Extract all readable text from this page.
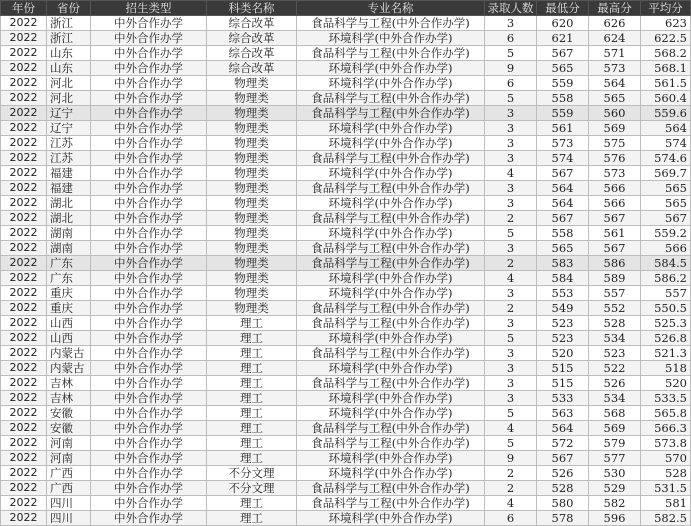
年份	省份	招生类型	科类名称	专业名称	录取人数	最低分	最高分	平均分
2022	浙江	中外合作办学	综合改革	食品科学与工程(中外合作办学)	3	620	626	623
2022	浙江	中外合作办学	综合改革	环境科学(中外合作办学)	6	621	624	622.5
2022	山东	中外合作办学	综合改革	食品科学与工程(中外合作办学)	5	567	571	568.2
2022	山东	中外合作办学	综合改革	环境科学(中外合作办学)	9	565	573	568.1
2022	河北	中外合作办学	物理类	环境科学(中外合作办学)	6	559	564	561.5
2022	河北	中外合作办学	物理类	食品科学与工程(中外合作办学)	5	558	565	560.4
2022	辽宁	中外合作办学	物理类	食品科学与工程(中外合作办学)	3	559	560	559.6
2022	辽宁	中外合作办学	物理类	环境科学(中外合作办学)	3	561	569	564
2022	江苏	中外合作办学	物理类	环境科学(中外合作办学)	3	573	575	574
2022	江苏	中外合作办学	物理类	食品科学与工程(中外合作办学)	3	574	576	574.6
2022	福建	中外合作办学	物理类	环境科学(中外合作办学)	4	567	573	569.7
2022	福建	中外合作办学	物理类	食品科学与工程(中外合作办学)	3	564	566	565
2022	湖北	中外合作办学	物理类	环境科学(中外合作办学)	3	564	566	565
2022	湖北	中外合作办学	物理类	食品科学与工程(中外合作办学)	2	567	567	567
2022	湖南	中外合作办学	物理类	环境科学(中外合作办学)	5	558	561	559.2
2022	湖南	中外合作办学	物理类	食品科学与工程(中外合作办学)	3	565	567	566
2022	广东	中外合作办学	物理类	食品科学与工程(中外合作办学)	2	583	586	584.5
2022	广东	中外合作办学	物理类	环境科学(中外合作办学)	4	584	589	586.2
2022	重庆	中外合作办学	物理类	环境科学(中外合作办学)	3	553	557	557
2022	重庆	中外合作办学	物理类	食品科学与工程(中外合作办学)	2	549	552	550.5
2022	山西	中外合作办学	理工	食品科学与工程(中外合作办学)	3	523	528	525.3
2022	山西	中外合作办学	理工	环境科学(中外合作办学)	5	523	534	526.8
2022	内蒙古	中外合作办学	理工	食品科学与工程(中外合作办学)	3	520	523	521.3
2022	内蒙古	中外合作办学	理工	环境科学(中外合作办学)	3	515	522	518
2022	吉林	中外合作办学	理工	食品科学与工程(中外合作办学)	3	515	526	520
2022	吉林	中外合作办学	理工	环境科学(中外合作办学)	3	533	534	533.5
2022	安徽	中外合作办学	理工	环境科学(中外合作办学)	5	563	568	565.8
2022	安徽	中外合作办学	理工	食品科学与工程(中外合作办学)	4	564	569	566.3
2022	河南	中外合作办学	理工	食品科学与工程(中外合作办学)	5	572	579	573.8
2022	河南	中外合作办学	理工	环境科学(中外合作办学)	9	567	577	570
2022	广西	中外合作办学	不分文理	环境科学(中外合作办学)	2	526	530	528
2022	广西	中外合作办学	不分文理	食品科学与工程(中外合作办学)	2	528	529	531.5
2022	四川	中外合作办学	理工	食品科学与工程(中外合作办学)	4	580	582	581
2022	四川	中外合作办学	理工	环境科学(中外合作办学)	6	578	596	582.5
